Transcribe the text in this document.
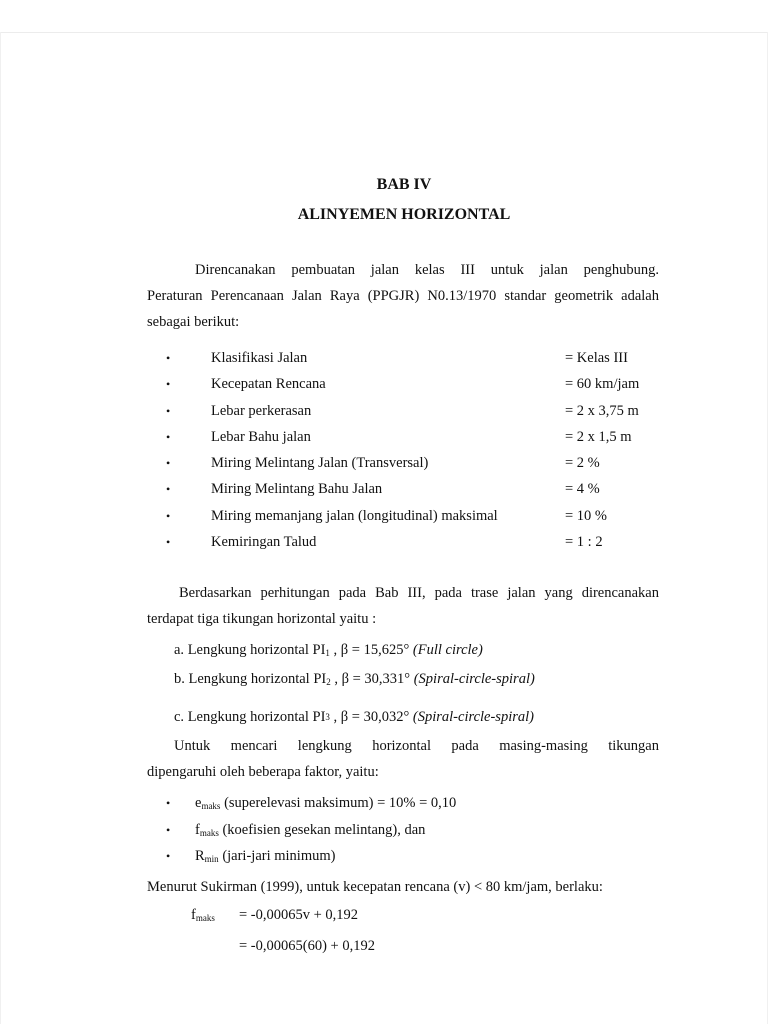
BAB IV
ALINYEMEN HORIZONTAL
Direncanakan pembuatan jalan kelas III untuk jalan penghubung.
Peraturan Perencanaan Jalan Raya (PPGJR) N0.13/1970 standar geometrik adalah
sebagai berikut:
•	Klasifikasi Jalan	= Kelas III
•	Kecepatan Rencana	= 60 km/jam
•	Lebar perkerasan	= 2 x 3,75 m
•	Lebar Bahu jalan	= 2 x 1,5 m
•	Miring Melintang Jalan (Transversal)	= 2 %
•	Miring Melintang Bahu Jalan	= 4 %
•	Miring memanjang jalan (longitudinal) maksimal	= 10 %
•	Kemiringan Talud	= 1 : 2
Berdasarkan perhitungan pada Bab III, pada trase jalan yang direncanakan
terdapat tiga tikungan horizontal yaitu :
a. Lengkung horizontal $PI_1$ , β = 15,625° (Full circle)
b. Lengkung horizontal $PI_2$ , β = 30,331° (Spiral-circle-spiral)
c. Lengkung horizontal $PI^3$ , β = 30,032° (Spiral-circle-spiral)
Untuk mencari lengkung horizontal pada masing-masing tikungan
dipengaruhi oleh beberapa faktor, yaitu:
• $e_{maks}$ (superelevasi maksimum) = 10% = 0,10
• $f_{maks}$ (koefisien gesekan melintang), dan
• $R_{min}$ (jari-jari minimum)

Menurut Sukirman (1999), untuk kecepatan rencana (v) < 80 km/jam, berlaku:

$f_{maks} = -0,00065v + 0,192$
= -0,00065(60) + 0,192
